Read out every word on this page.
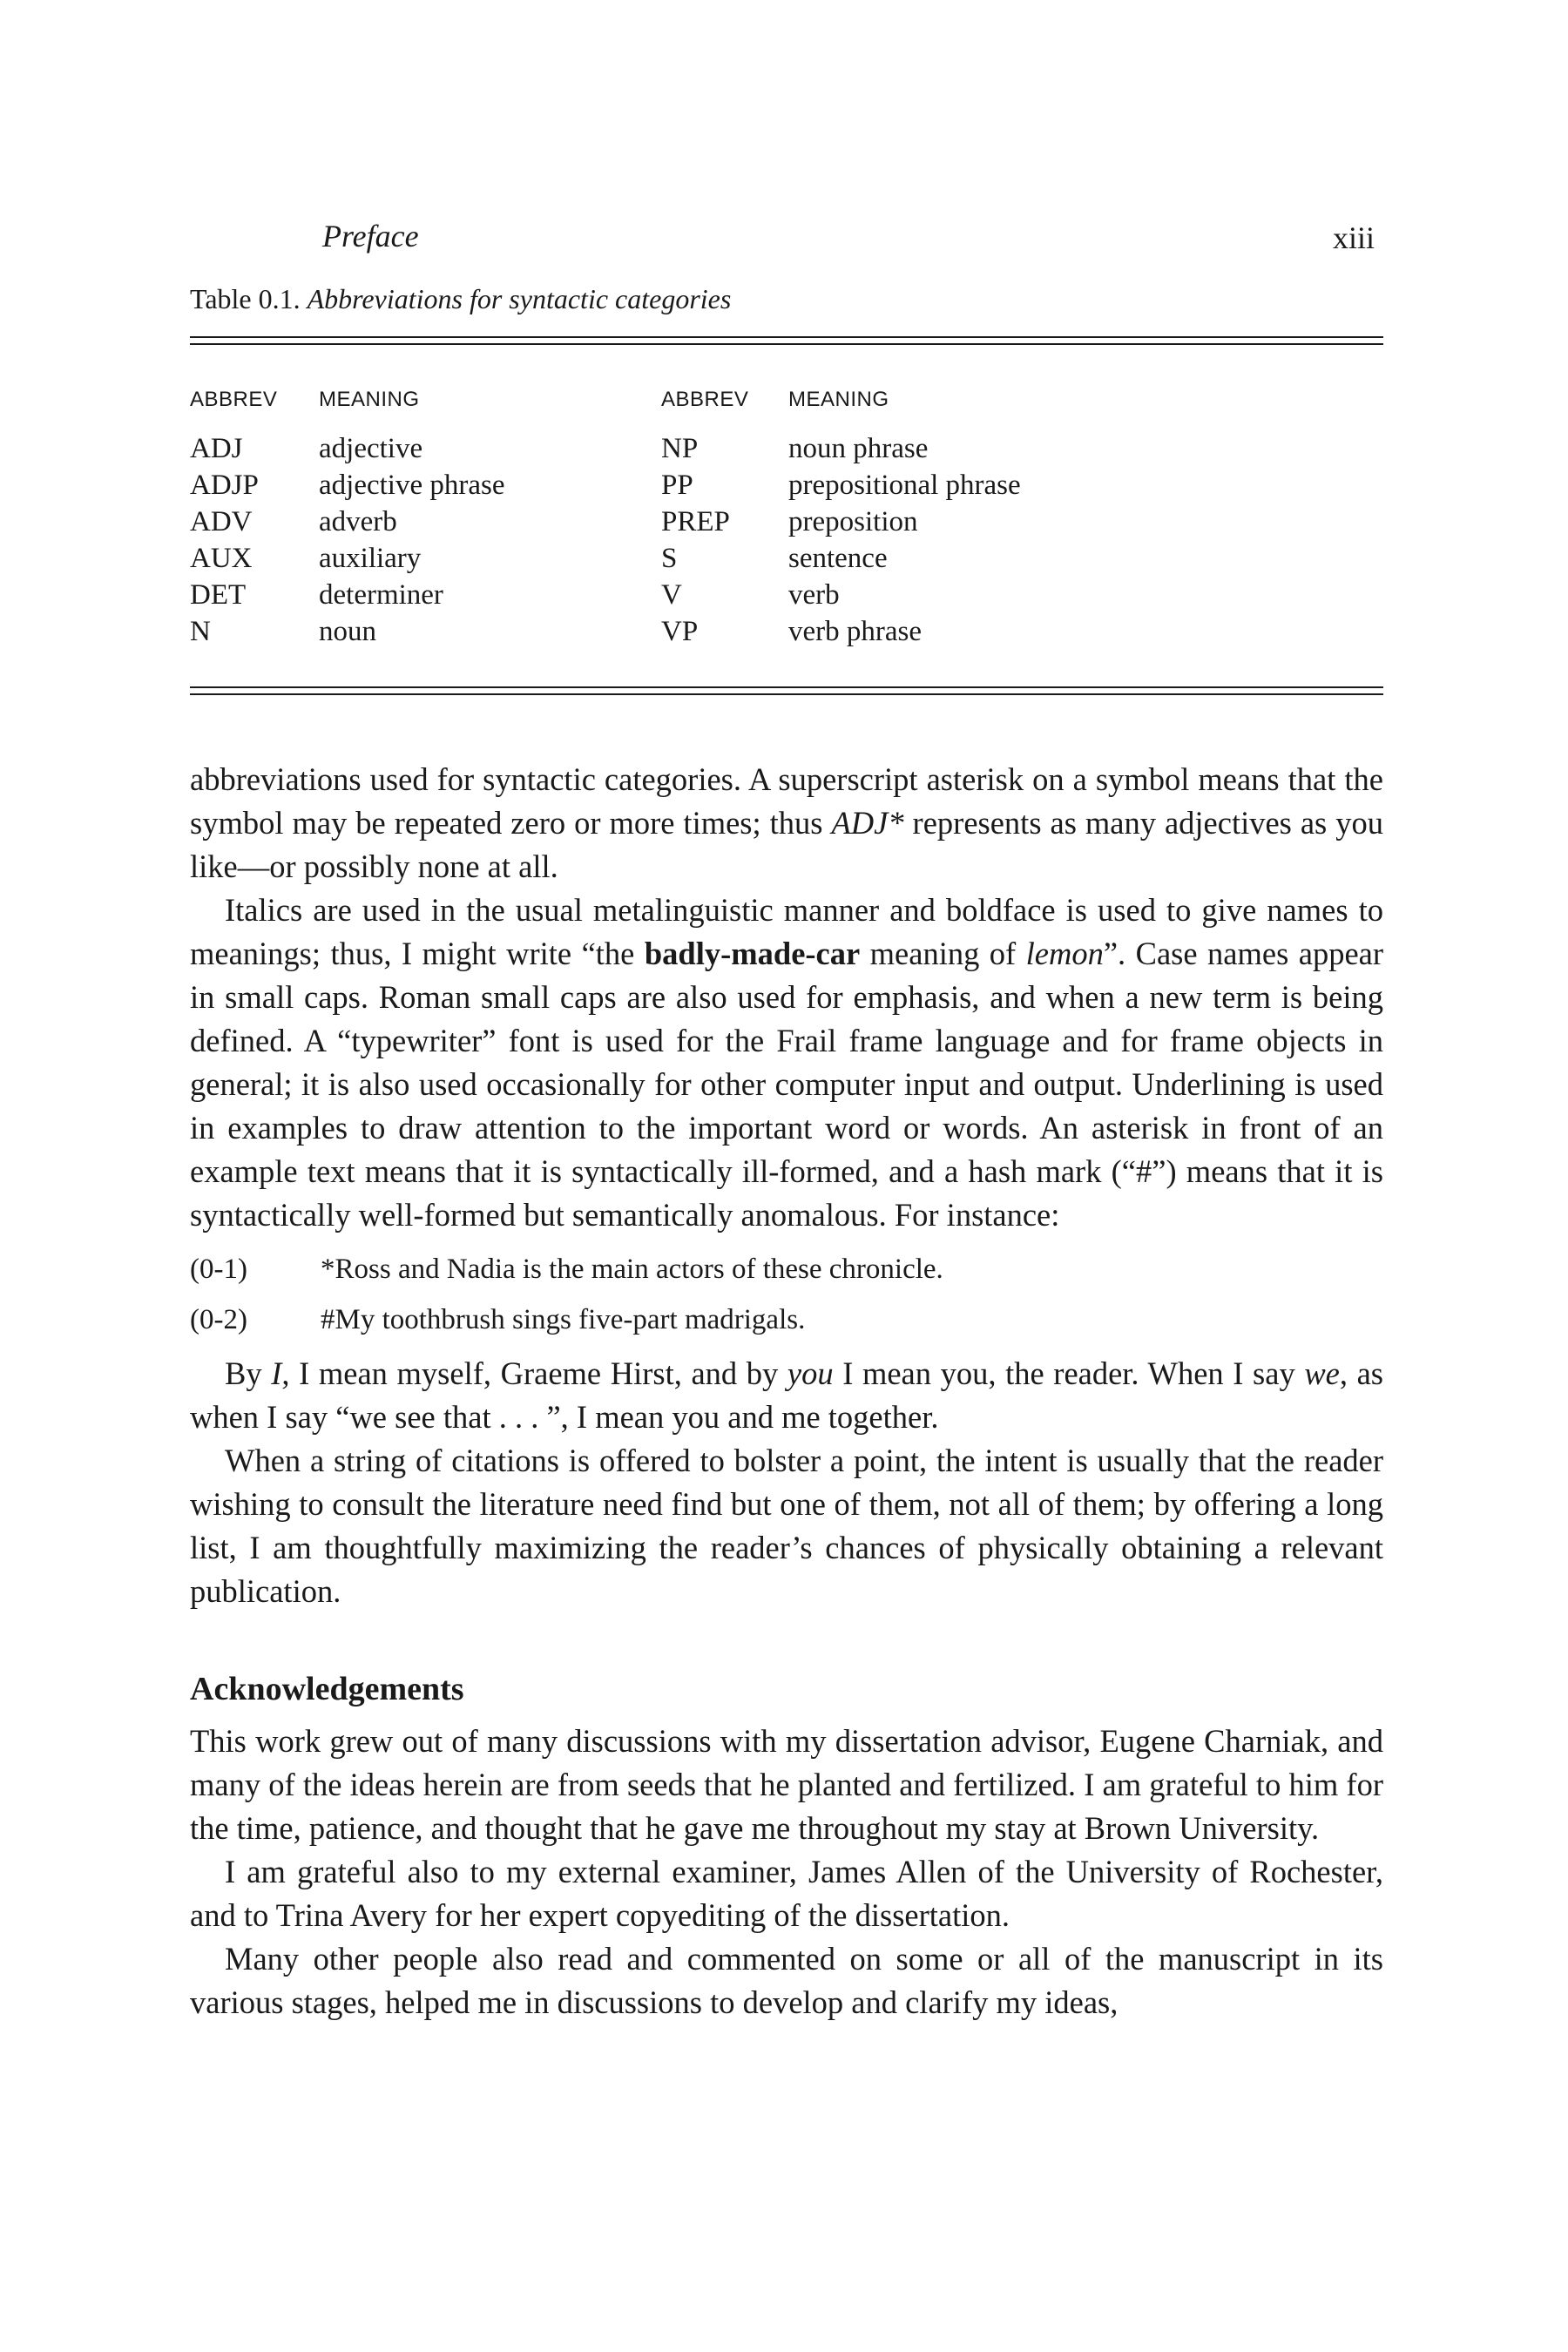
Preface	xiii
Table 0.1. Abbreviations for syntactic categories
ABBREV	MEANING	ABBREV	MEANING
ADJ	adjective	NP	noun phrase
ADJP	adjective phrase	PP	prepositional phrase
ADV	adverb	PREP	preposition
AUX	auxiliary	S	sentence
DET	determiner	V	verb
N	noun	VP	verb phrase

abbreviations used for syntactic categories. A superscript asterisk on a symbol means that the symbol may be repeated zero or more times; thus ADJ* represents as many adjectives as you like—or possibly none at all.

Italics are used in the usual metalinguistic manner and boldface is used to give names to meanings; thus, I might write “the badly-made-car meaning of lemon”. Case names appear in small caps. Roman small caps are also used for emphasis, and when a new term is being defined. A “typewriter” font is used for the Frail frame language and for frame objects in general; it is also used occasionally for other computer input and output. Underlining is used in examples to draw attention to the important word or words. An asterisk in front of an example text means that it is syntactically ill-formed, and a hash mark (“#”) means that it is syntactically well-formed but semantically anomalous. For instance:

(0-1)	*Ross and Nadia is the main actors of these chronicle.
(0-2)	#My toothbrush sings five-part madrigals.

By I, I mean myself, Graeme Hirst, and by you I mean you, the reader. When I say we, as when I say “we see that . . . ”, I mean you and me together.

When a string of citations is offered to bolster a point, the intent is usually that the reader wishing to consult the literature need find but one of them, not all of them; by offering a long list, I am thoughtfully maximizing the reader’s chances of physically obtaining a relevant publication.

Acknowledgements

This work grew out of many discussions with my dissertation advisor, Eugene Charniak, and many of the ideas herein are from seeds that he planted and fertilized. I am grateful to him for the time, patience, and thought that he gave me throughout my stay at Brown University.

I am grateful also to my external examiner, James Allen of the University of Rochester, and to Trina Avery for her expert copyediting of the dissertation.

Many other people also read and commented on some or all of the manuscript in its various stages, helped me in discussions to develop and clarify my ideas,
